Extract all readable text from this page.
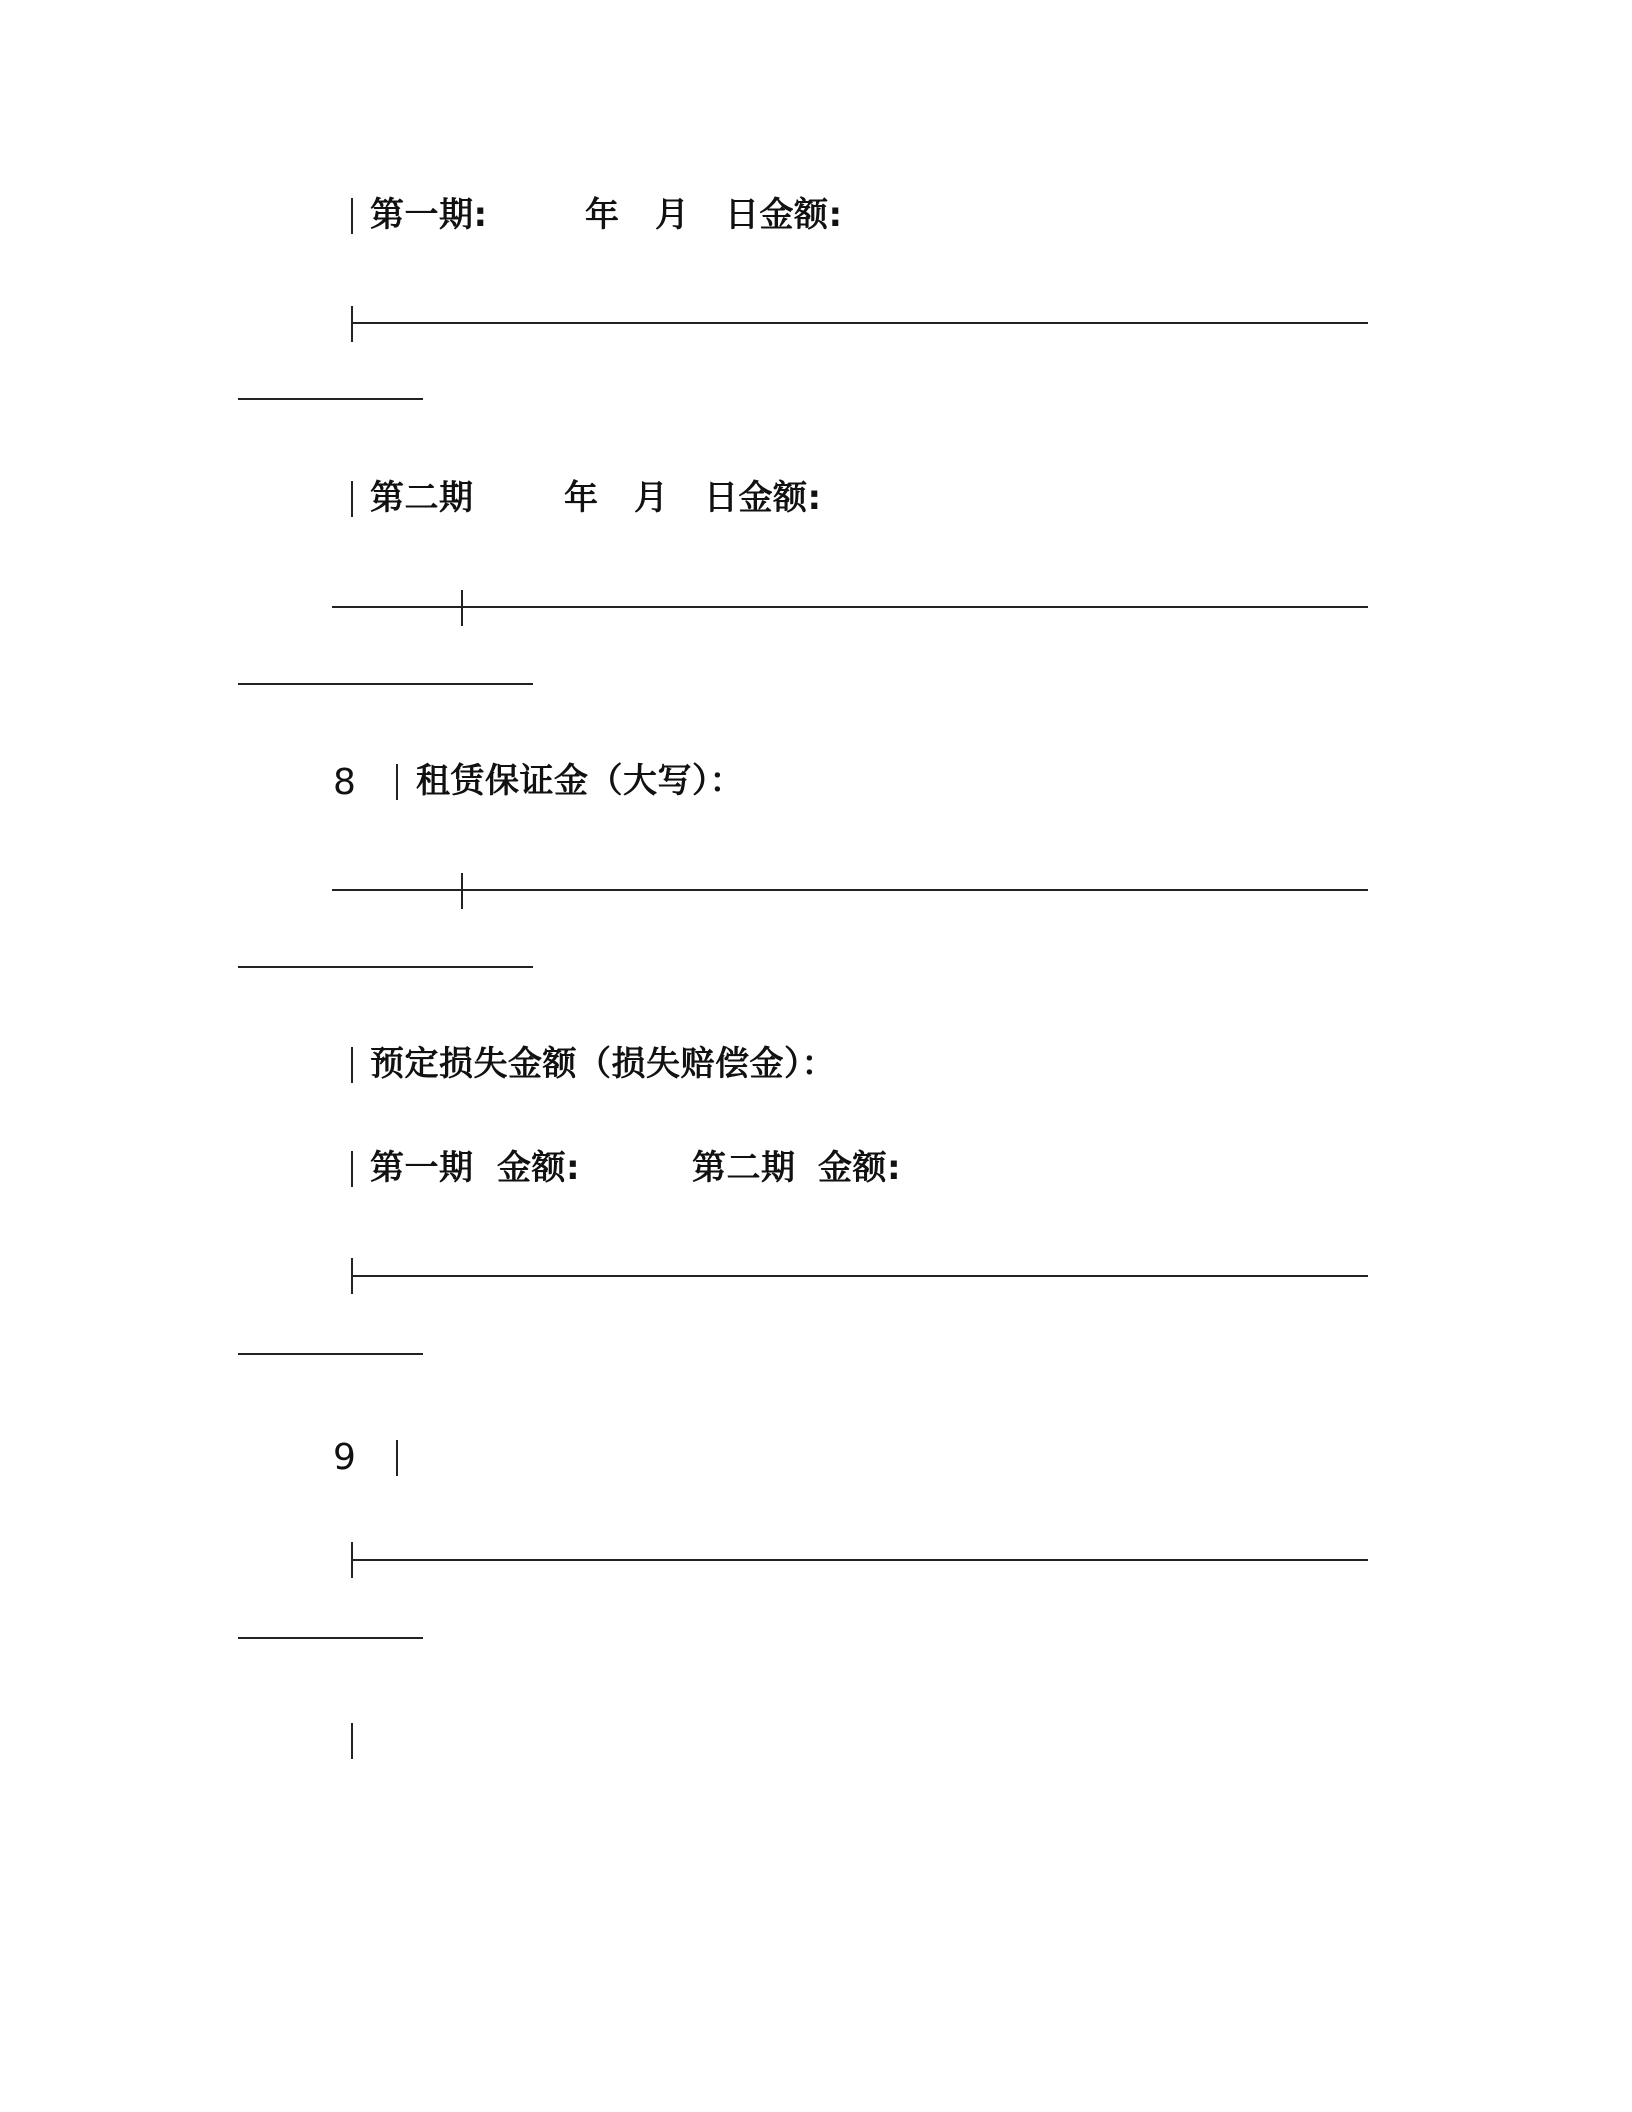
第一期:	年 月 日金额:
第二期	年 月 日金额:
8 租赁保证金（大写）：
预定损失金额（损失赔偿金）：
第一期 金额:	第二期 金额:
9
